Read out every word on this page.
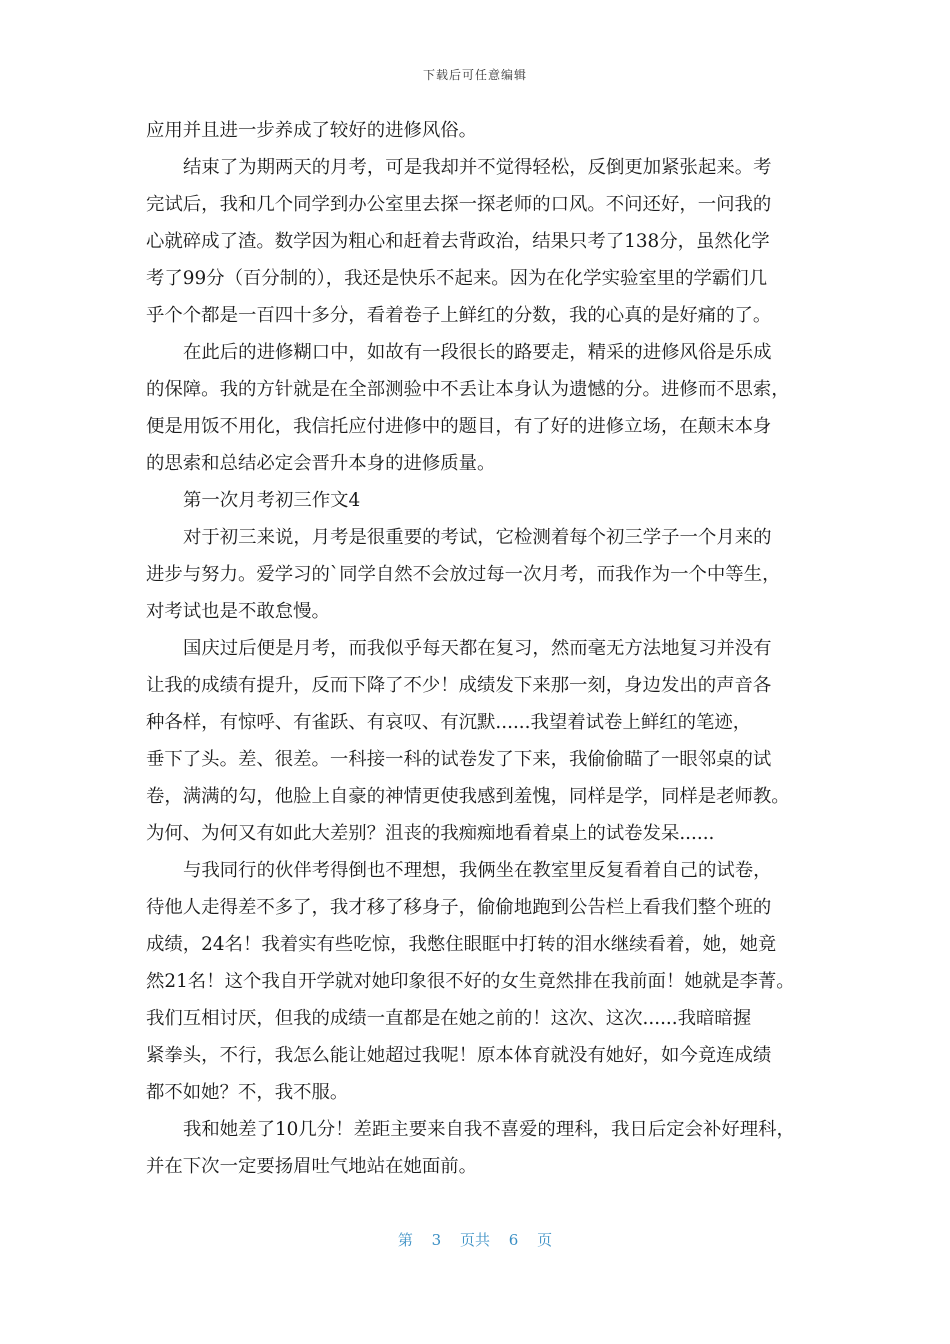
下载后可任意编辑
应用并且进一步养成了较好的进修风俗。
结束了为期两天的月考，可是我却并不觉得轻松，反倒更加紧张起来。考
完试后，我和几个同学到办公室里去探一探老师的口风。不问还好，一问我的
心就碎成了渣。数学因为粗心和赶着去背政治，结果只考了138分，虽然化学
考了99分（百分制的），我还是快乐不起来。因为在化学实验室里的学霸们几
乎个个都是一百四十多分，看着卷子上鲜红的分数，我的心真的是好痛的了。
在此后的进修糊口中，如故有一段很长的路要走，精采的进修风俗是乐成
的保障。我的方针就是在全部测验中不丢让本身认为遗憾的分。进修而不思索，
便是用饭不用化，我信托应付进修中的题目，有了好的进修立场，在颠末本身
的思索和总结必定会晋升本身的进修质量。
第一次月考初三作文4
对于初三来说，月考是很重要的考试，它检测着每个初三学子一个月来的
进步与努力。爱学习的`同学自然不会放过每一次月考，而我作为一个中等生，
对考试也是不敢怠慢。
国庆过后便是月考，而我似乎每天都在复习，然而毫无方法地复习并没有
让我的成绩有提升，反而下降了不少！成绩发下来那一刻，身边发出的声音各
种各样，有惊呼、有雀跃、有哀叹、有沉默......我望着试卷上鲜红的笔迹，
垂下了头。差、很差。一科接一科的试卷发了下来，我偷偷瞄了一眼邻桌的试
卷，满满的勾，他脸上自豪的神情更使我感到羞愧，同样是学，同样是老师教。
为何、为何又有如此大差别？沮丧的我痴痴地看着桌上的试卷发呆......
与我同行的伙伴考得倒也不理想，我俩坐在教室里反复看着自己的试卷，
待他人走得差不多了，我才移了移身子，偷偷地跑到公告栏上看我们整个班的
成绩，24名！我着实有些吃惊，我憋住眼眶中打转的泪水继续看着，她，她竟
然21名！这个我自开学就对她印象很不好的女生竟然排在我前面！她就是李菁。
我们互相讨厌，但我的成绩一直都是在她之前的！这次、这次......我暗暗握
紧拳头，不行，我怎么能让她超过我呢！原本体育就没有她好，如今竟连成绩
都不如她？不，我不服。
我和她差了10几分！差距主要来自我不喜爱的理科，我日后定会补好理科，
并在下次一定要扬眉吐气地站在她面前。
第 3 页共 6 页
